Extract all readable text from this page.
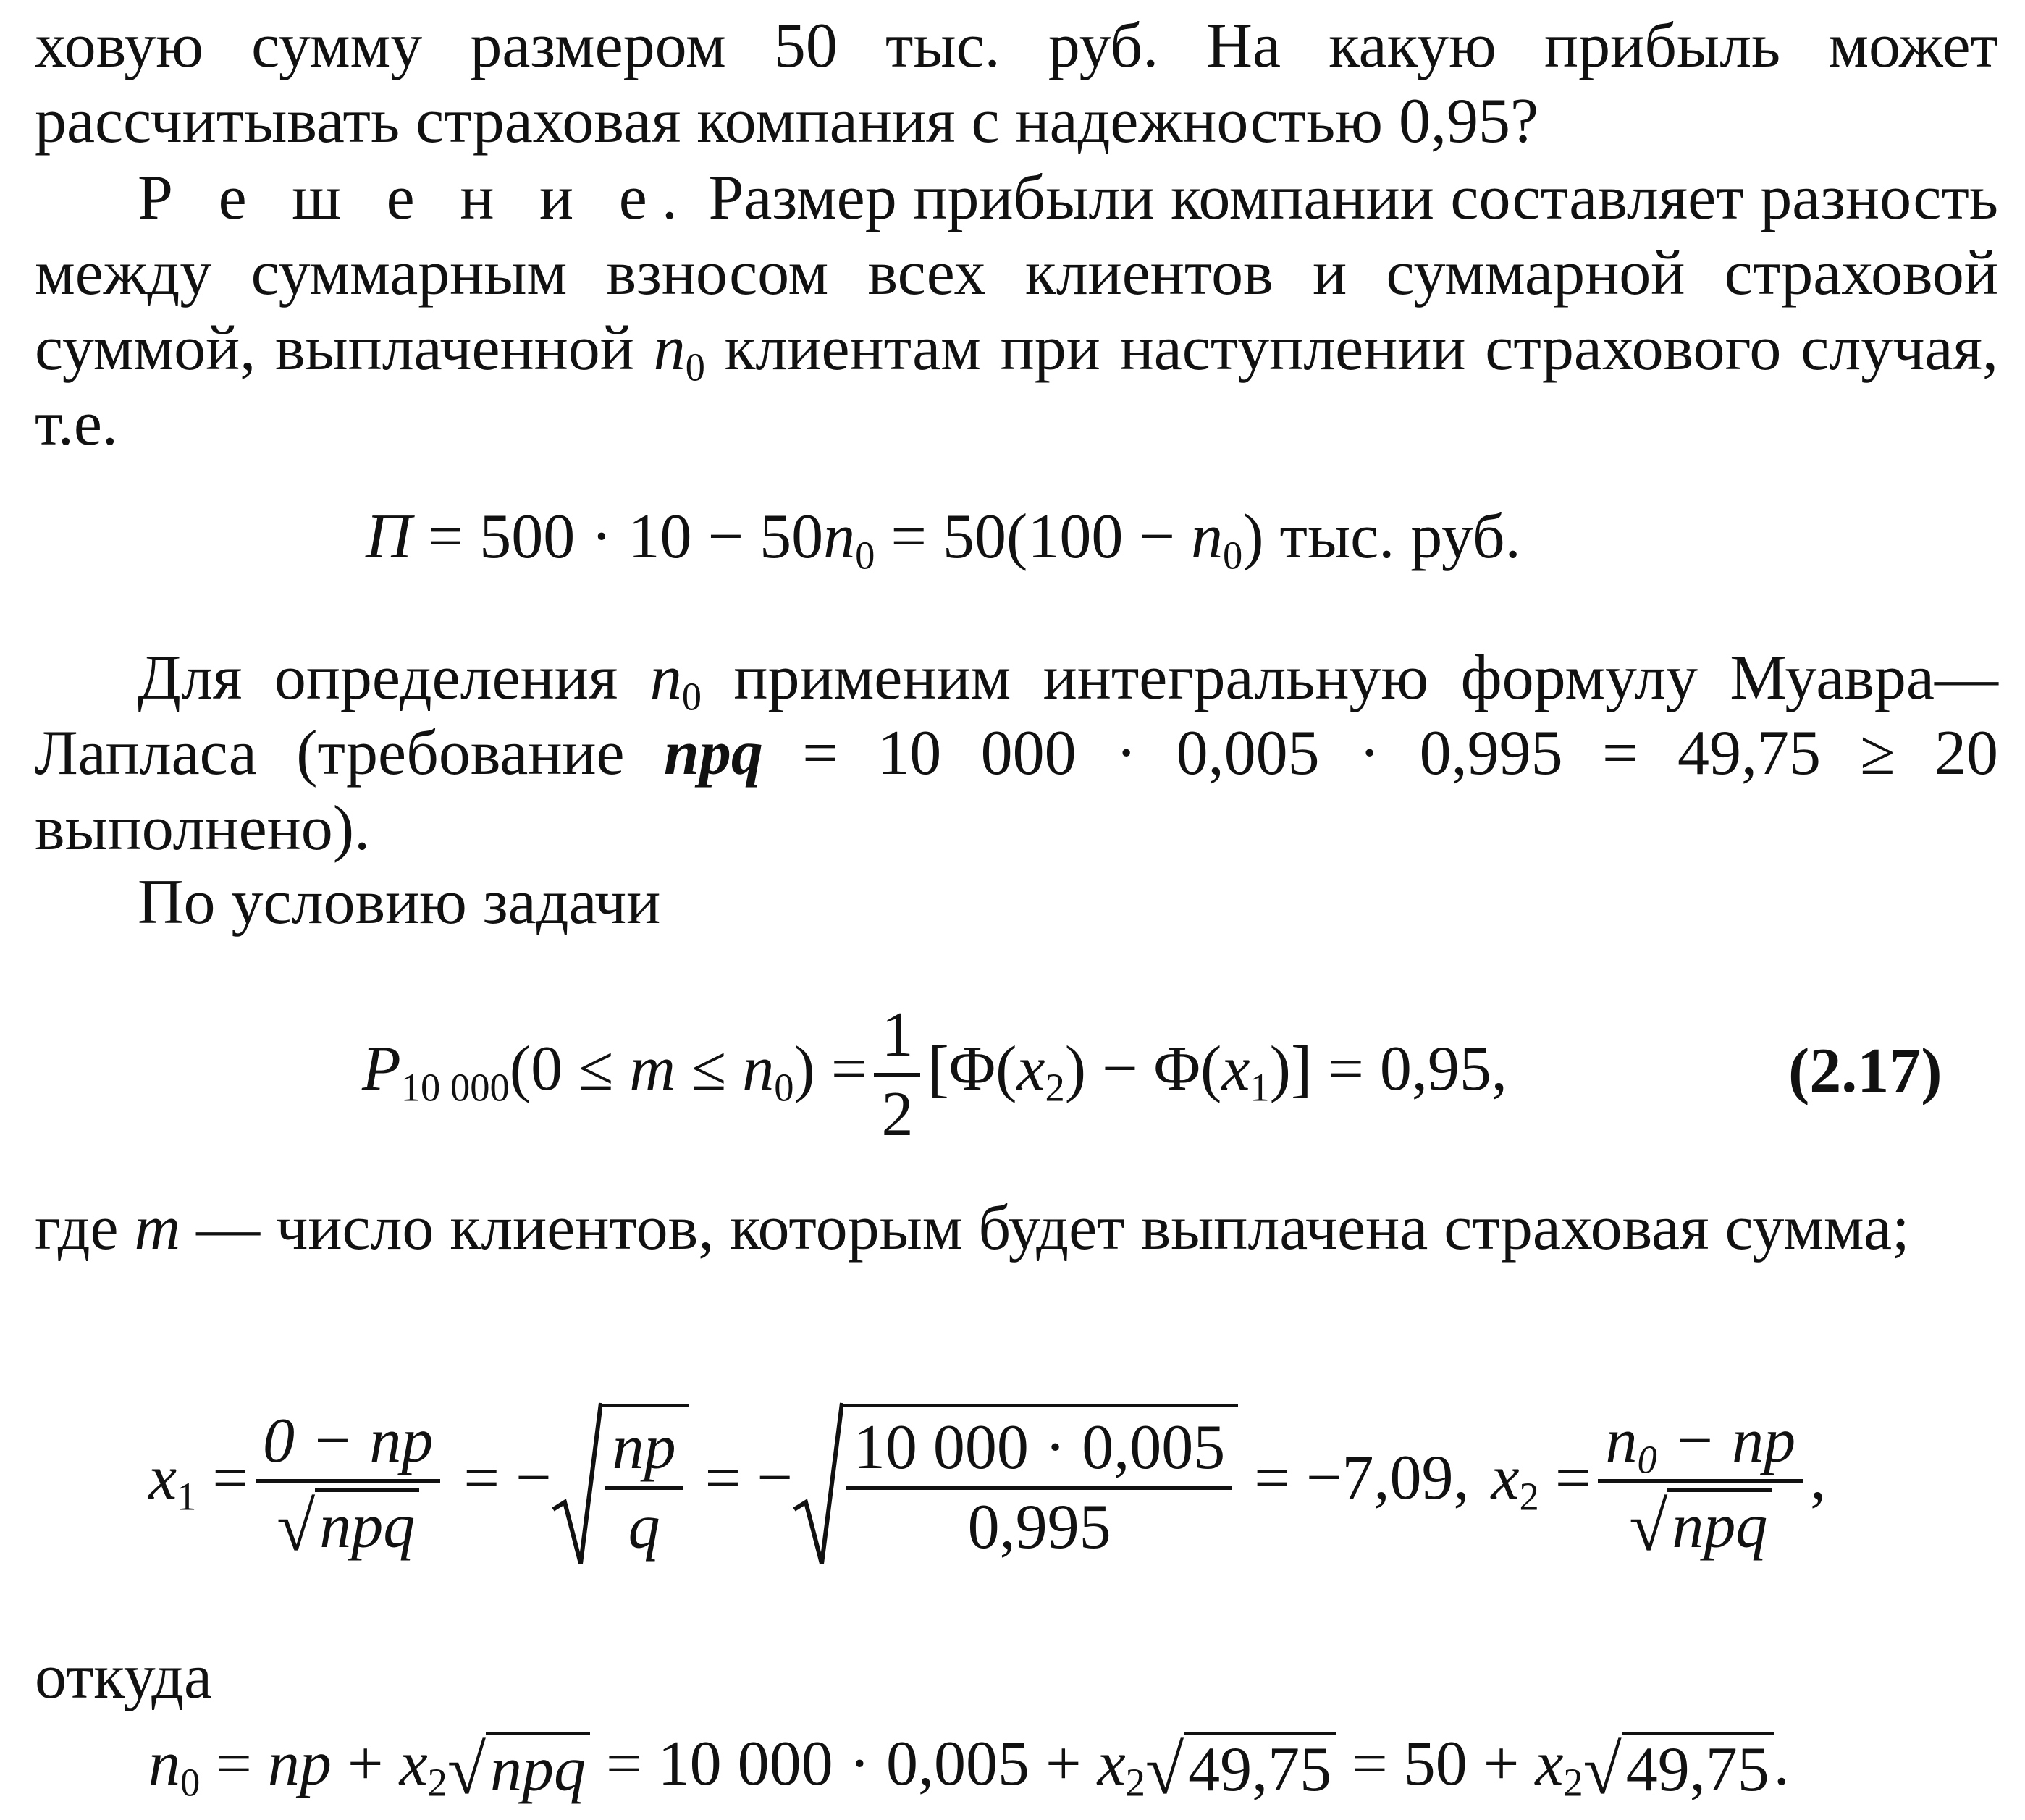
ховую сумму размером 50 тыс. руб. На какую прибыль может рассчитывать страховая компания с надежностью 0,95?

Р е ш е н и е. Размер прибыли компании составляет разность между суммарным взносом всех клиентов и суммарной страховой суммой, выплаченной $n_0$ клиентам при наступлении страхового случая, т.е.

$П = 500 \cdot 10 - 50n_0 = 50(100 - n_0)$ тыс. руб.

Для определения $n_0$ применим интегральную формулу Муавра—Лапласа (требование npq = 10 000 · 0,005 · 0,995 = 49,75 ≥ 20 выполнено).

По условию задачи

$P_{10 000}(0 \le m \le n_0) = \frac{1}{2} [\Phi(x_2) - \Phi(x_1)] = 0,95$,	(2.17)

где m — число клиентов, которым будет выплачена страховая сумма;

$x_1 = \frac{0 - np}{\text{√npq}}$ = − $\frac{np}{q}$ = − $\frac{10 000 \cdot 0,005}{0,995} = -7,09$, $x_2 = \frac{n_0 - np}{\text{√npq}}$ ,

откуда

$n_0$ = np + $x_2√npq = 10$ $000 \cdot 0,005 + x_2√49,75 = 50 + x_2√49,75$.
